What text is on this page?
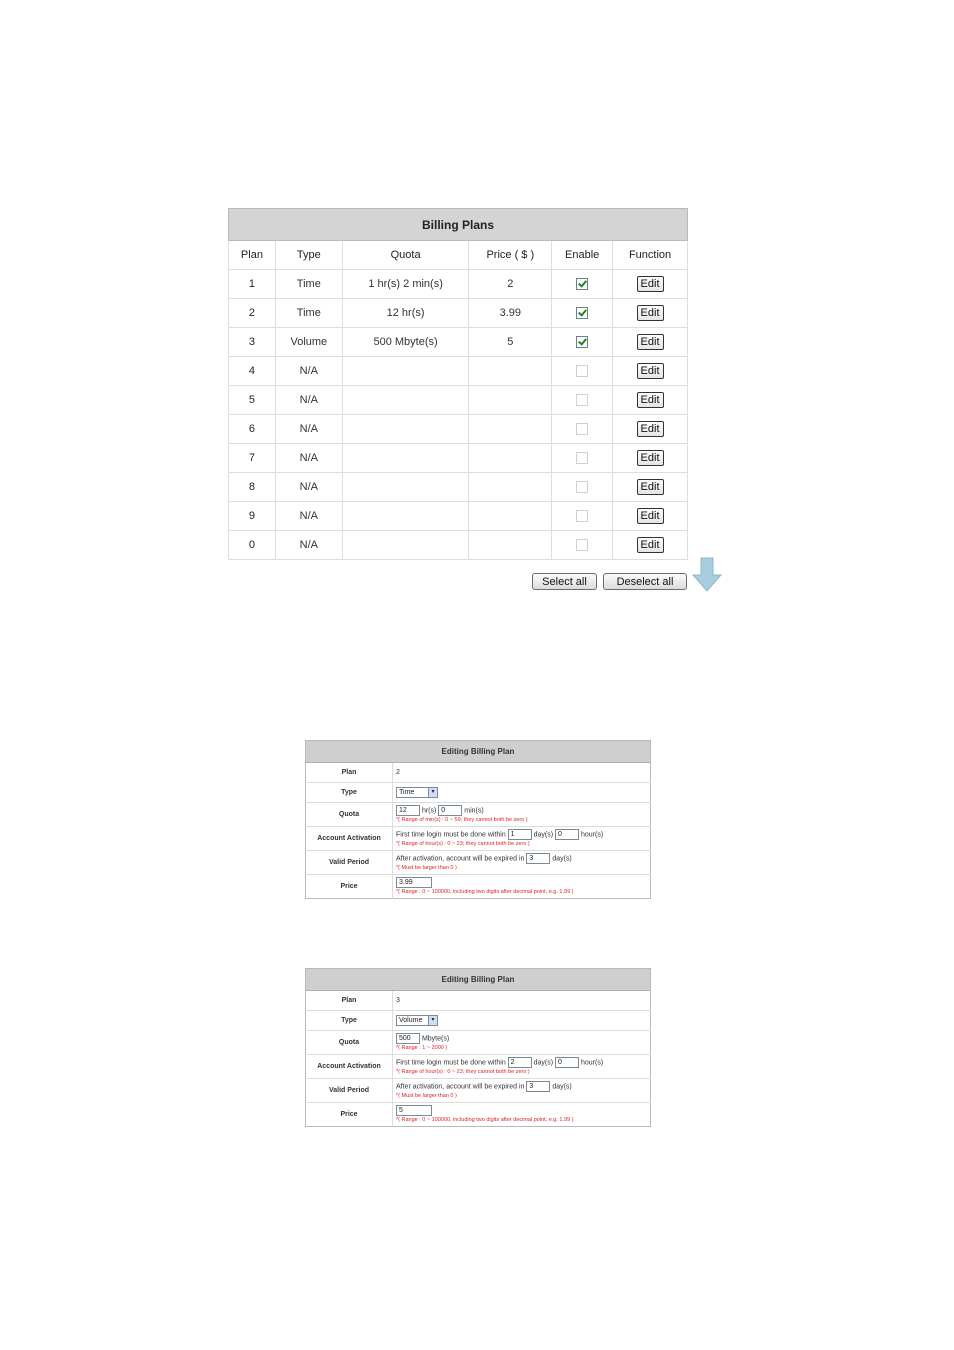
Billing Plans					
Plan	Type	Quota	Price ( $ )	Enable	Function
1	Time	1 hr(s) 2 min(s)	2		Edit
2	Time	12 hr(s)	3.99		Edit
3	Volume	500 Mbyte(s)	5		Edit
4	N/A				Edit
5	N/A				Edit
6	N/A				Edit
7	N/A				Edit
8	N/A				Edit
9	N/A				Edit
0	N/A				Edit
Select all	Deselect all
Editing Billing Plan	
Plan	2
Type	Time ▾
Quota	12 hr(s) 0 min(s)
*( Range of min(s) : 0 ~ 59; they cannot both be zero )

Account Activation	First time login must be done within 1 day(s) 0 hour(s)
*( Range of hour(s) : 0 ~ 23; they cannot both be zero )

Valid Period	After activation, account will be expired in 3 day(s)
*( Must be larger than 0 )

Price	3.99
*( Range : 0 ~ 100000, including two digits after decimal point, e.g. 1.99 )
Editing Billing Plan	
Plan	3
Type	Volume ▾
Quota	500 Mbyte(s)
*( Range : 1 ~ 2000 )

Account Activation	First time login must be done within 2 day(s) 0 hour(s)
*( Range of hour(s) : 0 ~ 23; they cannot both be zero )

Valid Period	After activation, account will be expired in 3 day(s)
*( Must be larger than 0 )

Price	5
*( Range : 0 ~ 100000, including two digits after decimal point, e.g. 1.99 )
